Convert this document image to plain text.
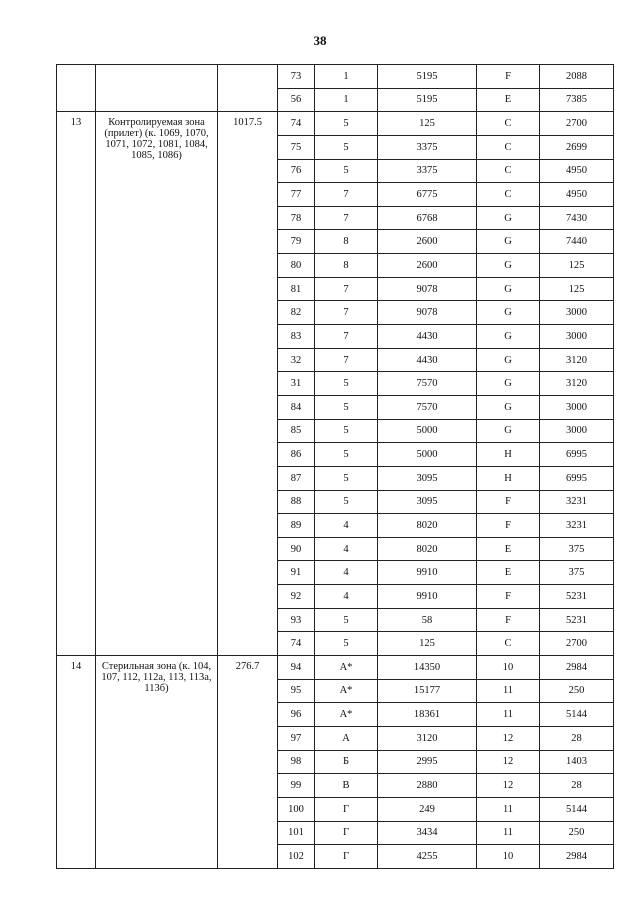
38
			73	1	5195	F	2088
			56	1	5195	E	7385
13	Контролируемая зона (прилет) (к. 1069, 1070, 1071, 1072, 1081, 1084, 1085, 1086)	1017.5	74	5	125	C	2700
			75	5	3375	C	2699
			76	5	3375	C	4950
			77	7	6775	C	4950
			78	7	6768	G	7430
			79	8	2600	G	7440
			80	8	2600	G	125
			81	7	9078	G	125
			82	7	9078	G	3000
			83	7	4430	G	3000
			32	7	4430	G	3120
			31	5	7570	G	3120
			84	5	7570	G	3000
			85	5	5000	G	3000
			86	5	5000	H	6995
			87	5	3095	H	6995
			88	5	3095	F	3231
			89	4	8020	F	3231
			90	4	8020	E	375
			91	4	9910	E	375
			92	4	9910	F	5231
			93	5	58	F	5231
			74	5	125	C	2700
14	Стерильная зона (к. 104, 107, 112, 112а, 113, 113а, 113б)	276.7	94	А*	14350	10	2984
			95	А*	15177	11	250
			96	А*	18361	11	5144
			97	А	3120	12	28
			98	Б	2995	12	1403
			99	В	2880	12	28
			100	Г	249	11	5144
			101	Г	3434	11	250
			102	Г	4255	10	2984
